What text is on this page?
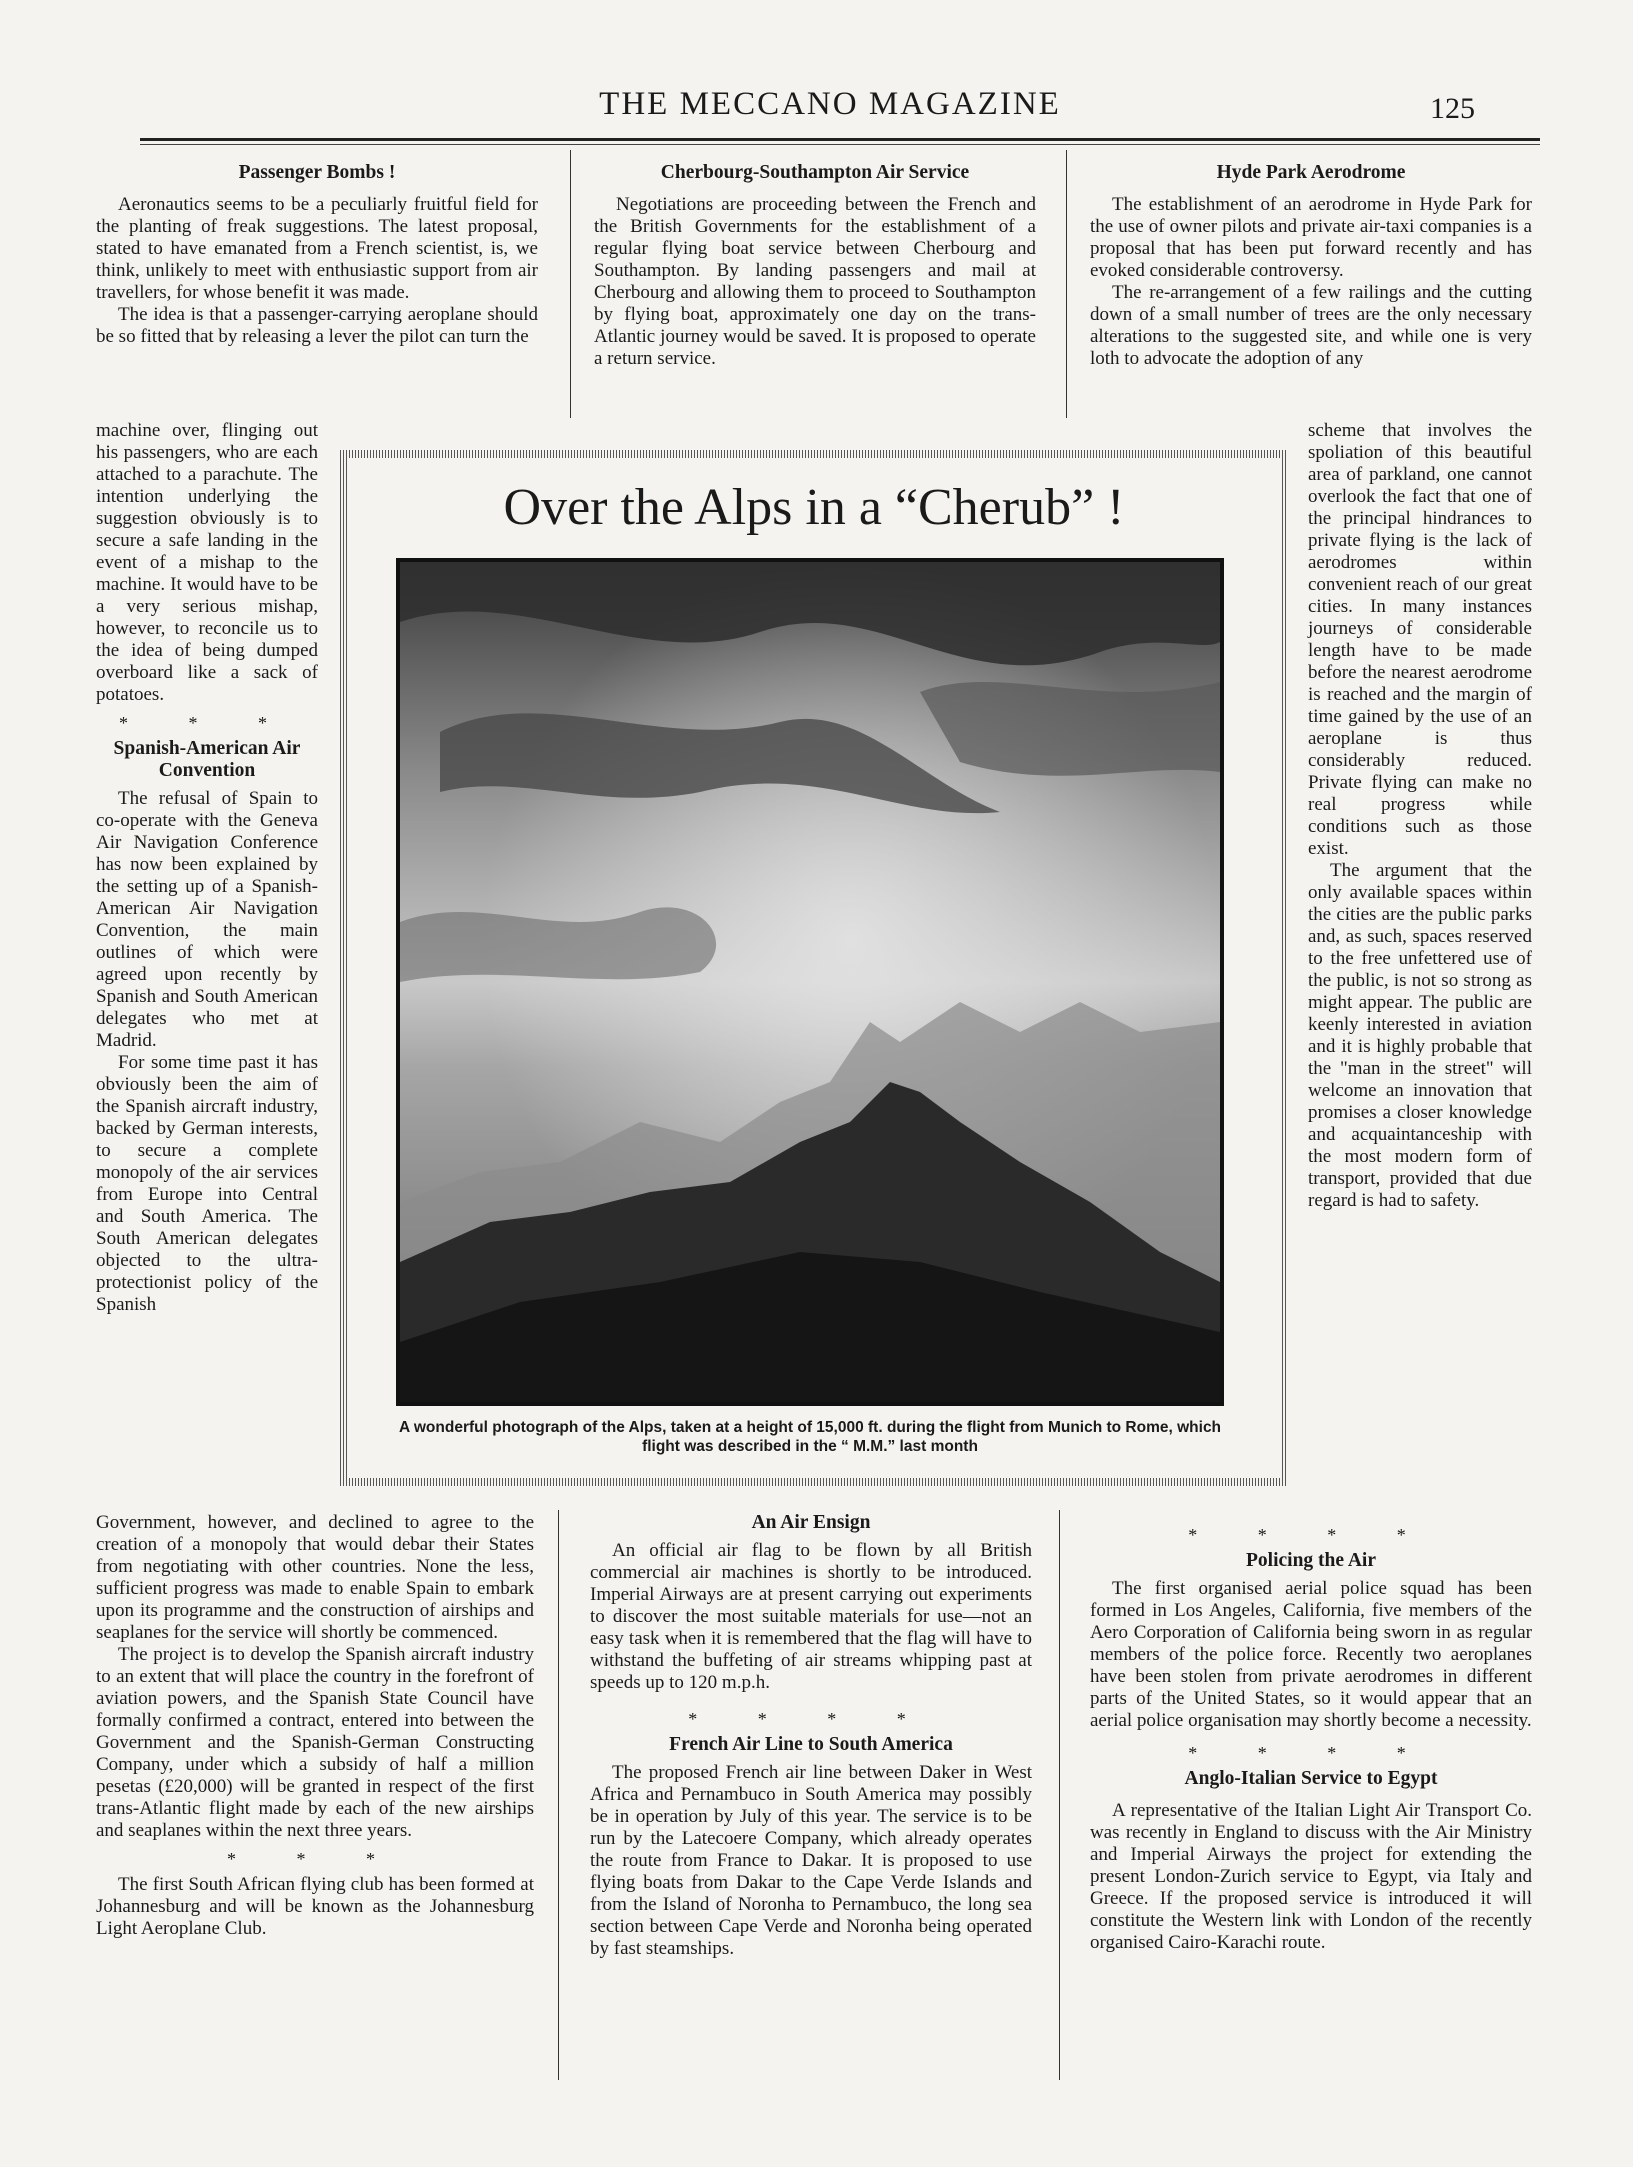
THE MECCANO MAGAZINE	125
Passenger Bombs !

Aeronautics seems to be a peculiarly fruitful field for the planting of freak suggestions. The latest proposal, stated to have emanated from a French scientist, is, we think, unlikely to meet with enthusiastic support from air travellers, for whose benefit it was made.

The idea is that a passenger-carrying aeroplane should be so fitted that by releasing a lever the pilot can turn the

machine over, flinging out his passengers, who are each attached to a parachute. The intention underlying the suggestion obviously is to secure a safe landing in the event of a mishap to the machine. It would have to be a very serious mishap, however, to reconcile us to the idea of being dumped overboard like a sack of potatoes.

* * *
Spanish-American Air Convention

The refusal of Spain to co-operate with the Geneva Air Navigation Conference has now been explained by the setting up of a Spanish-American Air Navigation Convention, the main outlines of which were agreed upon recently by Spanish and South American delegates who met at Madrid.

For some time past it has obviously been the aim of the Spanish aircraft industry, backed by German interests, to secure a complete monopoly of the air services from Europe into Central and South America. The South American delegates objected to the ultra-protectionist policy of the Spanish

Government, however, and declined to agree to the creation of a monopoly that would debar their States from negotiating with other countries. None the less, sufficient progress was made to enable Spain to embark upon its programme and the construction of airships and seaplanes for the service will shortly be commenced.

The project is to develop the Spanish aircraft industry to an extent that will place the country in the forefront of aviation powers, and the Spanish State Council have formally confirmed a contract, entered into between the Government and the Spanish-German Constructing Company, under which a subsidy of half a million pesetas (£20,000) will be granted in respect of the first trans-Atlantic flight made by each of the new airships and seaplanes within the next three years.

* * *

The first South African flying club has been formed at Johannesburg and will be known as the Johannesburg Light Aeroplane Club.

Cherbourg-Southampton Air Service

Negotiations are proceeding between the French and the British Governments for the establishment of a regular flying boat service between Cherbourg and Southampton. By landing passengers and mail at Cherbourg and allowing them to proceed to Southampton by flying boat, approximately one day on the trans-Atlantic journey would be saved. It is proposed to operate a return service.

Hyde Park Aerodrome

The establishment of an aerodrome in Hyde Park for the use of owner pilots and private air-taxi companies is a proposal that has been put forward recently and has evoked considerable controversy.

The re-arrangement of a few railings and the cutting down of a small number of trees are the only necessary alterations to the suggested site, and while one is very loth to advocate the adoption of any

scheme that involves the spoliation of this beautiful area of parkland, one cannot overlook the fact that one of the principal hindrances to private flying is the lack of aerodromes within convenient reach of our great cities. In many instances journeys of considerable length have to be made before the nearest aerodrome is reached and the margin of time gained by the use of an aeroplane is thus considerably reduced. Private flying can make no real progress while conditions such as those exist.

The argument that the only available spaces within the cities are the public parks and, as such, spaces reserved to the free unfettered use of the public, is not so strong as might appear. The public are keenly interested in aviation and it is highly probable that the "man in the street" will welcome an innovation that promises a closer knowledge and acquaintanceship with the most modern form of transport, provided that due regard is had to safety.

Over the Alps in a “Cherub” !
A wonderful photograph of the Alps, taken at a height of 15,000 ft. during the flight from Munich to Rome, which flight was described in the “ M.M.” last month
An Air Ensign

An official air flag to be flown by all British commercial air machines is shortly to be introduced. Imperial Airways are at present carrying out experiments to discover the most suitable materials for use—not an easy task when it is remembered that the flag will have to withstand the buffeting of air streams whipping past at speeds up to 120 m.p.h.

* * * *
French Air Line to South America

The proposed French air line between Daker in West Africa and Pernambuco in South America may possibly be in operation by July of this year. The service is to be run by the Latecoere Company, which already operates the route from France to Dakar. It is proposed to use flying boats from Dakar to the Cape Verde Islands and from the Island of Noronha to Pernambuco, the long sea section between Cape Verde and Noronha being operated by fast steamships.

* * * *
Policing the Air

The first organised aerial police squad has been formed in Los Angeles, California, five members of the Aero Corporation of California being sworn in as regular members of the police force. Recently two aeroplanes have been stolen from private aerodromes in different parts of the United States, so it would appear that an aerial police organisation may shortly become a necessity.

* * * *
Anglo-Italian Service to Egypt

A representative of the Italian Light Air Transport Co. was recently in England to discuss with the Air Ministry and Imperial Airways the project for extending the present London-Zurich service to Egypt, via Italy and Greece. If the proposed service is introduced it will constitute the Western link with London of the recently organised Cairo-Karachi route.
